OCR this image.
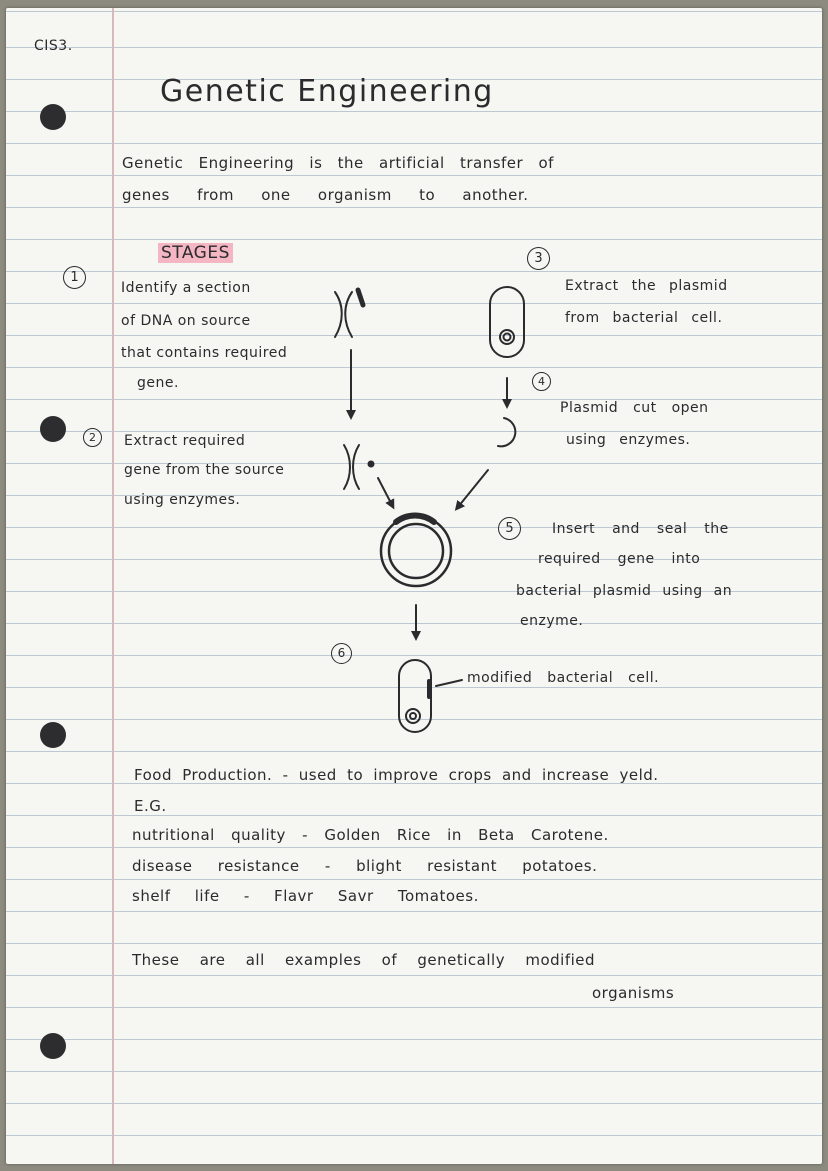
CIS3.
Genetic Engineering
Genetic Engineering is the artificial transfer of
genes from one organism to another.
STAGES
1
Identify a section
of DNA on source
that contains required
gene.
2	Extract required
gene from the source
using enzymes.
3
Extract the plasmid
from bacterial cell.
4
Plasmid cut open
using enzymes.
5	Insert and seal the
required gene into
bacterial plasmid using an
enzyme.
6
modified bacterial cell.
Food Production. - used to improve crops and increase yeld.
E.G.
nutritional quality - Golden Rice in Beta Carotene.
disease resistance - blight resistant potatoes.
shelf life - Flavr Savr Tomatoes.
These are all examples of genetically modified
organisms
